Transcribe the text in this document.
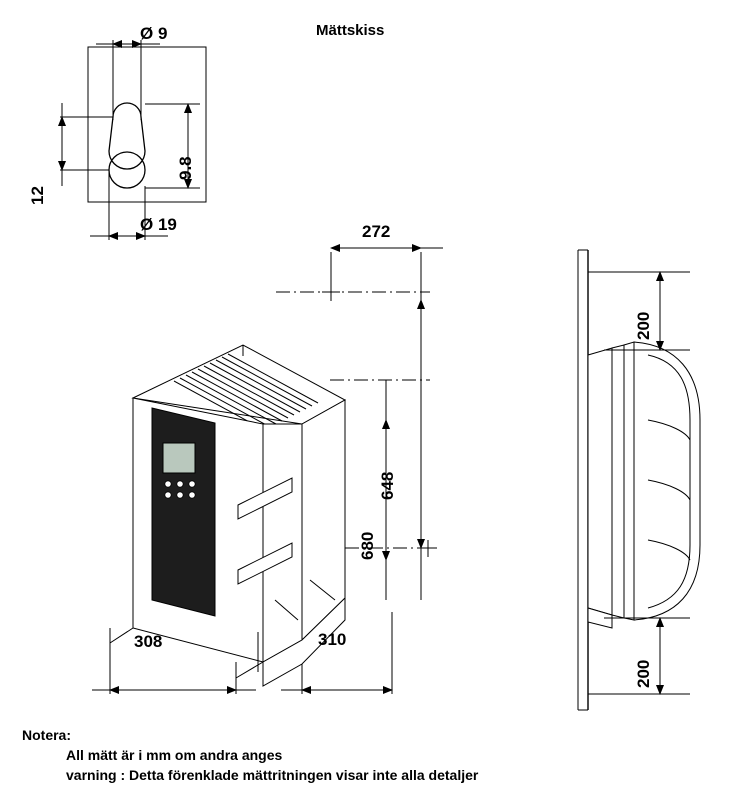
Mättskiss
Ø 9
Ø 19
9.8
12
272
648
680
308	310
200
200
Notera:
All mätt är i mm om andra anges
varning : Detta förenklade mättritningen visar inte alla detaljer
